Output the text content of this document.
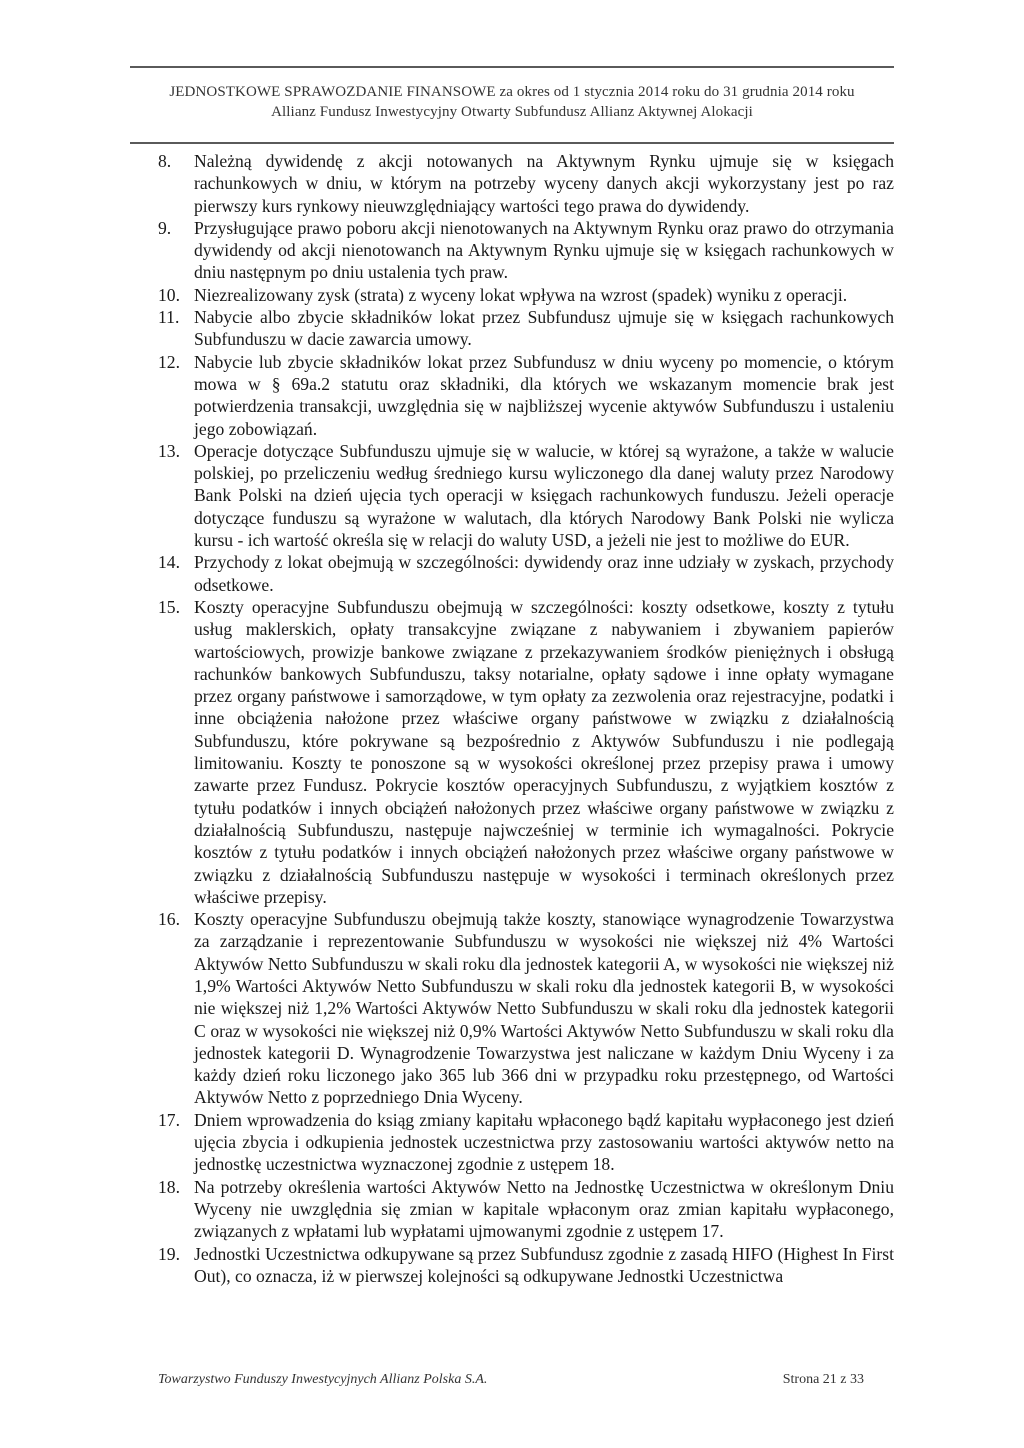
JEDNOSTKOWE SPRAWOZDANIE FINANSOWE za okres od 1 stycznia 2014 roku do 31 grudnia 2014 roku
Allianz Fundusz Inwestycyjny Otwarty Subfundusz Allianz Aktywnej Alokacji
8. Należną dywidendę z akcji notowanych na Aktywnym Rynku ujmuje się w księgach rachunkowych w dniu, w którym na potrzeby wyceny danych akcji wykorzystany jest po raz pierwszy kurs rynkowy nieuwzględniający wartości tego prawa do dywidendy.
9. Przysługujące prawo poboru akcji nienotowanych na Aktywnym Rynku oraz prawo do otrzymania dywidendy od akcji nienotowanch na Aktywnym Rynku ujmuje się w księgach rachunkowych w dniu następnym po dniu ustalenia tych praw.
10. Niezrealizowany zysk (strata) z wyceny lokat wpływa na wzrost (spadek) wyniku z operacji.
11. Nabycie albo zbycie składników lokat przez Subfundusz ujmuje się w księgach rachunkowych Subfunduszu w dacie zawarcia umowy.
12. Nabycie lub zbycie składników lokat przez Subfundusz w dniu wyceny po momencie, o którym mowa w § 69a.2 statutu oraz składniki, dla których we wskazanym momencie brak jest potwierdzenia transakcji, uwzględnia się w najbliższej wycenie aktywów Subfunduszu i ustaleniu jego zobowiązań.
13. Operacje dotyczące Subfunduszu ujmuje się w walucie, w której są wyrażone, a także w walucie polskiej, po przeliczeniu według średniego kursu wyliczonego dla danej waluty przez Narodowy Bank Polski na dzień ujęcia tych operacji w księgach rachunkowych funduszu. Jeżeli operacje dotyczące funduszu są wyrażone w walutach, dla których Narodowy Bank Polski nie wylicza kursu - ich wartość określa się w relacji do waluty USD, a jeżeli nie jest to możliwe do EUR.
14. Przychody z lokat obejmują w szczególności: dywidendy oraz inne udziały w zyskach, przychody odsetkowe.
15. Koszty operacyjne Subfunduszu obejmują w szczególności: koszty odsetkowe, koszty z tytułu usług maklerskich, opłaty transakcyjne związane z nabywaniem i zbywaniem papierów wartościowych, prowizje bankowe związane z przekazywaniem środków pieniężnych i obsługą rachunków bankowych Subfunduszu, taksy notarialne, opłaty sądowe i inne opłaty wymagane przez organy państwowe i samorządowe, w tym opłaty za zezwolenia oraz rejestracyjne, podatki i inne obciążenia nałożone przez właściwe organy państwowe w związku z działalnością Subfunduszu, które pokrywane są bezpośrednio z Aktywów Subfunduszu i nie podlegają limitowaniu. Koszty te ponoszone są w wysokości określonej przez przepisy prawa i umowy zawarte przez Fundusz. Pokrycie kosztów operacyjnych Subfunduszu, z wyjątkiem kosztów z tytułu podatków i innych obciążeń nałożonych przez właściwe organy państwowe w związku z działalnością Subfunduszu, następuje najwcześniej w terminie ich wymagalności. Pokrycie kosztów z tytułu podatków i innych obciążeń nałożonych przez właściwe organy państwowe w związku z działalnością Subfunduszu następuje w wysokości i terminach określonych przez właściwe przepisy.
16. Koszty operacyjne Subfunduszu obejmują także koszty, stanowiące wynagrodzenie Towarzystwa za zarządzanie i reprezentowanie Subfunduszu w wysokości nie większej niż 4% Wartości Aktywów Netto Subfunduszu w skali roku dla jednostek kategorii A, w wysokości nie większej niż 1,9% Wartości Aktywów Netto Subfunduszu w skali roku dla jednostek kategorii B, w wysokości nie większej niż 1,2% Wartości Aktywów Netto Subfunduszu w skali roku dla jednostek kategorii C oraz w wysokości nie większej niż 0,9% Wartości Aktywów Netto Subfunduszu w skali roku dla jednostek kategorii D. Wynagrodzenie Towarzystwa jest naliczane w każdym Dniu Wyceny i za każdy dzień roku liczonego jako 365 lub 366 dni w przypadku roku przestępnego, od Wartości Aktywów Netto z poprzedniego Dnia Wyceny.
17. Dniem wprowadzenia do ksiąg zmiany kapitału wpłaconego bądź kapitału wypłaconego jest dzień ujęcia zbycia i odkupienia jednostek uczestnictwa przy zastosowaniu wartości aktywów netto na jednostkę uczestnictwa wyznaczonej zgodnie z ustępem 18.
18. Na potrzeby określenia wartości Aktywów Netto na Jednostkę Uczestnictwa w określonym Dniu Wyceny nie uwzględnia się zmian w kapitale wpłaconym oraz zmian kapitału wypłaconego, związanych z wpłatami lub wypłatami ujmowanymi zgodnie z ustępem 17.
19. Jednostki Uczestnictwa odkupywane są przez Subfundusz zgodnie z zasadą HIFO (Highest In First Out), co oznacza, iż w pierwszej kolejności są odkupywane Jednostki Uczestnictwa
Towarzystwo Funduszy Inwestycyjnych Allianz Polska S.A.	Strona 21 z 33
